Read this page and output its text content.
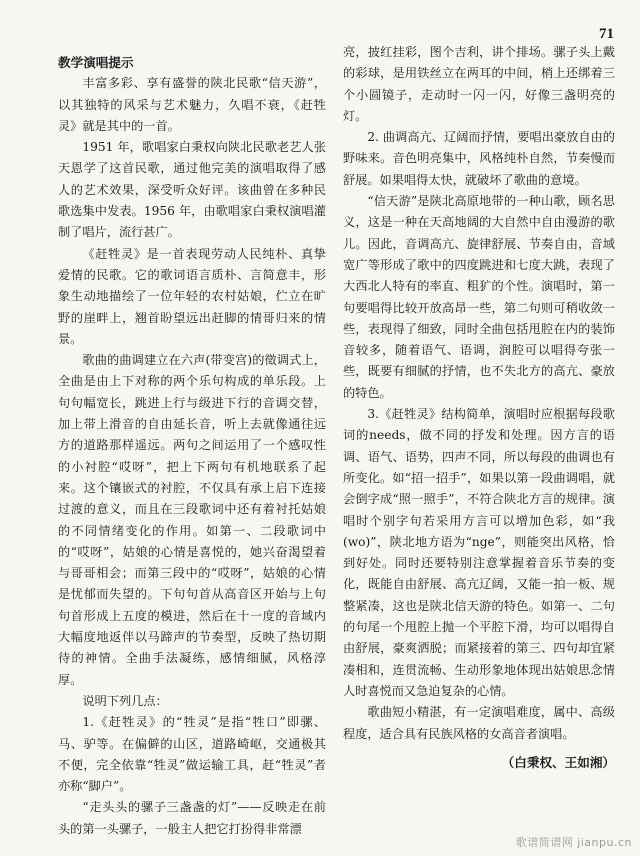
71
教学演唱提示

丰富多彩、享有盛誉的陕北民歌“信天游”，以其独特的风采与艺术魅力，久唱不衰，《赶牲灵》就是其中的一首。

1951 年，歌唱家白秉权向陕北民歌老艺人张天恩学了这首民歌，通过他完美的演唱取得了感人的艺术效果，深受听众好评。该曲曾在多种民歌选集中发表。1956 年，由歌唱家白秉权演唱灌制了唱片，流行甚广。

《赶牲灵》是一首表现劳动人民纯朴、真挚爱情的民歌。它的歌词语言质朴、言简意丰，形象生动地描绘了一位年轻的农村姑娘，伫立在旷野的崖畔上，翘首盼望远出赶脚的情哥归来的情景。

歌曲的曲调建立在六声(带变宫)的徵调式上，全曲是由上下对称的两个乐句构成的单乐段。上句句幅宽长，跳进上行与级进下行的音调交替，加上带上滑音的自由延长音，听上去就像通往远方的道路那样遥远。两句之间运用了一个感叹性的小衬腔“哎呀”，把上下两句有机地联系了起来。这个镶嵌式的衬腔，不仅具有承上启下连接过渡的意义，而且在三段歌词中还有着衬托姑娘的不同情绪变化的作用。如第一、二段歌词中的“哎呀”，姑娘的心情是喜悦的，她兴奋渴望着与哥哥相会；而第三段中的“哎呀”，姑娘的心情是忧郁而失望的。下句句首从高音区开始与上句句首形成上五度的模进，然后在十一度的音域内大幅度地返伴以马蹄声的节奏型，反映了热切期待的神情。全曲手法凝练，感情细腻，风格淳厚。

说明下列几点：

1.《赶牲灵》的“牲灵”是指“牲口”即骡、马、驴等。在偏僻的山区，道路崎岖，交通极其不便，完全依靠“牲灵”做运输工具，赶“牲灵”者亦称“脚户”。

“走头头的骡子三盏盏的灯”——反映走在前头的第一头骡子，一般主人把它打扮得非常漂

亮，披红挂彩，图个吉利，讲个排场。骡子头上戴的彩球，是用铁丝立在两耳的中间，梢上还绑着三个小圆镜子，走动时一闪一闪，好像三盏明亮的灯。

2. 曲调高亢、辽阔而抒情，要唱出豪放自由的野味来。音色明亮集中，风格纯朴自然，节奏慢而舒展。如果唱得太快，就破坏了歌曲的意境。

“信天游”是陕北高原地带的一种山歌，顾名思义，这是一种在天高地阔的大自然中自由漫游的歌儿。因此，音调高亢、旋律舒展、节奏自由，音域宽广等形成了歌中的四度跳进和七度大跳，表现了大西北人特有的率直、粗犷的个性。演唱时，第一句要唱得比较开放高昂一些，第二句则可稍收敛一些，表现得了细致，同时全曲包括甩腔在内的装饰音较多，随着语气、语调，润腔可以唱得夸张一些，既要有细腻的抒情，也不失北方的高亢、豪放的特色。

3.《赶牲灵》结构简单，演唱时应根据每段歌词的needs，做不同的抒发和处理。因方言的语调、语气、语势，四声不同，所以每段的曲调也有所变化。如“招一招手”，如果以第一段曲调唱，就会倒字成“照一照手”，不符合陕北方言的规律。演唱时个别字句若采用方言可以增加色彩，如“我(wo)”，陕北地方语为“nge”，则能突出风格，恰到好处。同时还要特别注意掌握着音乐节奏的变化，既能自由舒展、高亢辽阔，又能一拍一板、规整紧凑，这也是陕北信天游的特色。如第一、二句的句尾一个甩腔上抛一个平腔下滑，均可以唱得自由舒展，豪爽洒脱；而紧接着的第三、四句却宜紧凑相和，连贯流畅、生动形象地体现出姑娘思念情人时喜悦而又急迫复杂的心情。

歌曲短小精湛，有一定演唱难度，属中、高级程度，适合具有民族风格的女高音者演唱。

（白秉权、王如湘）
歌谱简谱网 jianpu.cn
